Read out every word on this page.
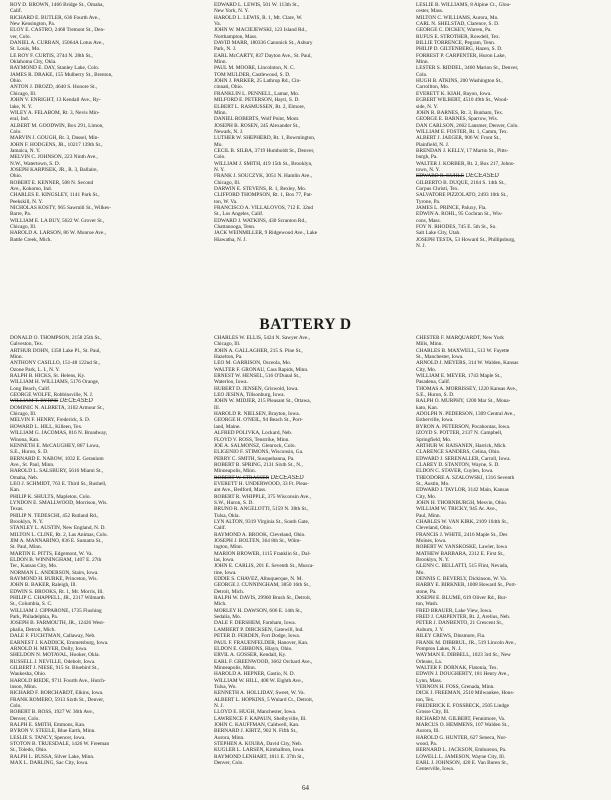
ROY D. BROWN, 1466 Bridge St., Omaha,
Calif.
RICHARD E. BUTLER, 636 Fourth Ave.,
New Kensington, Pa.
ELOY E. CASTRO, 2468 Tremont St., Den-
ver, Colo.
DANIEL A. CURRAN, 15064A Lotus Ave.,
St. Louis, Mo.
LE ROY F. CURTIS, 3744 N. 28th St.,
Oklahoma City, Okla.
RAYMOND E. DAY, Stanley Lake, Colo.
JAMES R. DRAKE, 155 Mulberry St., Brenton,
Ohio.
ANTON J. DROZD, 4640 S. Honore St.,
Chicago, Ill.
JOHN V. ENRIGHT, 13 Kendall Ave., Ry-
lake, N. Y.
WILEY A. FELABOM, Rt. 3, Nevis Min-
eral, Ind.
ALBERT M. GOODWIN, Box 291, Limon,
Colo.
MARVIN J. GOUGH, Rt. 3, Dassel, Min-
JOHN F. HODGENS, JR., 10217 139th St.,
Jamaica, N. Y.
MELVIN C. JOHNSON, 223 Ninth Ave.,
N.W., Watertown, S. D.
JOSEPH KARPISEK, JR., R. 3, Ballaire,
Ohio.
ROBERT E. KENNER, 508 N. Second
Ave., Kokomo, Ind.
CHARLES E. KINGSLEY, 1141 Park St.,
Peekskill, N. Y.
NICHOLAS KOSTY, 965 Sawmill St., Wilkes-
Barre, Pa.
WILLIAM E. LA BUY, 5622 W. Grover St.,
Chicago, Ill.
HAROLD A. LARSON, 86 W. Monroe Ave.,
Battle Creek, Mich.
EDWARD L. LEWIS, 501 W. 113th St.,
New York, N. Y.
HAROLD L. LEWIS, R. 1, Mt. Clare, W.
Va.
JOHN W. MACIEJEWSKI, 123 Island Rd.,
Northampton, Mass.
DAVID MARR, 180336 Canonick St., Asbury
Park, N. J.
EARL McCARTY, 837 Dayton Ave., St. Paul,
Minn.
PAUL M. MOORE, Lincolnton, N. C.
TOM MULDER, Castlewood, S. D.
JOHN J. PARKER, 25 Lathrop Rd., Cin-
cinnati, Ohio.
FRANKLIN L. PENNELL, Lamar, Mo.
MILFORD E. PETERSON, Hayti, S. D.
ELBERT L. RASMUSSEN, Rt. 2, Elmore,
Minn.
DANIEL ROBERTS, Wolf Point, Mont.
JOSEPH B. ROSEN, 245 Alexander St.,
Newark, N. J.
LUTHER W. SHEPHERD, Rt. 1, Bowmington,
Mo.
CECIL B. SILBA, 3719 Humboldt St., Denver,
Colo.
WILLIAM J. SMITH, 419 15th St., Brooklyn,
N. Y.
FRANK J. SOUCZYK, 3051 N. Hamlin Ave.,
Chicago, Ill.
DARWIN E. STEVENS, R. 1, Bexley, Mo.
CLIFFORD THOMPSON, Rt. 1, Box 77, Pat-
ton, W. Va.
FRANCISCO A. VILLALOVOS, 712 E. 32nd
St., Los Angeles, Calif.
EDWARD J. WATKINS, 430 Scranton Rd.,
Chattanooga, Tenn.
JACK WEINMILLER, 9 Ridgewood Ave., Lake
Hiawatha, N. J.
LESLIE B. WILLIAMS, 8 Alpine Ct., Glou-
cester, Mass.
MILTON C. WILLIAMS, Aurora, Mo.
CARL N. SHELSTAD, Clarence, S. D.
GEORGE C. DICKEY, Warren, Pa.
RUFUS E. STROTHER, Rowdell, Tex.
BILLIE TORRENCE, Pegram, Tenn.
PHILIP D. GILTENBERG, Hazen, S. D.
FORREST P. CARPENTER, Huron Lake,
Minn.
LESTER S. RIDDEL, 3460 Marion St., Denver,
Colo.
HUGH B. ATKINS, 200 Washington St.,
Carrollton, Mo.
EVERETT K. KIAH, Bayon, Iowa.
EGBERT WILBERT, 4510 49th St., Wood-
side, N. Y.
JOHN R. BARNES, Rt. 3, Bunham, Tex.
GEORGE E. BARNES, Sparrow, Wis.
DAN CARLSON, 2662 Lansmer, Denver, Colo.
WILLIAM E. FOSTER, Rt. 1, Camm, Tex.
ALBERT J. JAEGER, 906 W. Front St.,
Plainfield, N. J.
BRENDAN J. KELLY, 17 Martin St., Pitts-
burgh, Pa.
WALTER J. KORBER, Rt. 2, Box 217, Johns-
town, N. Y.
EDWARD R. KUHLE DECEASED
GILBERTO B. DUQUE, 2164 S. 14th St.,
Corpus Christi, Tex.
SALVATORE PIZZOLATO, 2493 10th St.,
Tyrone, Pa.
JAMES L. PRINCE, Paluxy, Fla.
EDWIN A. ROHL, 95 Cochran St., Wis-
cons, Mass.
FOY N. RHODES, 745 E. 5th St., So.
Salt Lake City, Utah.
JOSEPH TESTA, 53 Howard St., Phillipsburg,
N. J.
BATTERY D
DONALD O. THOMPSON, 2158 25th St.,
Galveston, Tex.
ARTHUR DOHN, 1358 Lake Pl., St. Paul,
Minn.
ANTHONY CASILLO, 151-48 122nd St.,
Ozone Park, L. I., N. Y.
RALPH B. HICKS, St. Helens, Ky.
WILLIAM H. WILLIAMS, 5176 Orange,
Long Beach, Calif.
GEORGE WOLFE, Robbinsville, N. J.
WILLIAM T. BYRNE DECEASED
DOMINIC N. ALBRETA, 3102 Armour St.,
Chicago, Ill.
MELVIN F. HENRY, Frederick, S. D.
HOWARD L. HILL, Killeen, Tex.
WILLIAM G. JACOMAS, 816 N. Broadway,
Winona, Kan.
KENNETH E. McCAUGHEY, 867 Lowa,
S.E., Huron, S. D.
BERNARD E. NABOW, 1032 E. Geranium
Ave., St. Paul, Minn.
HAROLD L. SALSBURY, 5616 Miami St.,
Omaha, Neb.
LEO J. SCHMIDT, 763 E. Third St., Rushell,
Kan.
PHILIP K. SHULTS, Mapleton, Colo.
LYNDON E. SMALLWOOD, Morrison, Wis.
Texas.
PHILIP N. TEDESCHI, 452 Rutland Rd.,
Brooklyn, N. Y.
STANLEY L. AUSTIN, New England, N. D.
MILTON L. CLINE, Rt. 2, Las Animas, Colo.
JIM A. MANNARINO, 836 E. Sumatra St.,
St. Paul, Minn.
MARTIN E. PITTS, Edgemont, W. Va.
ELDON B. WINNINGHAM, 1407 E. 27th
Ter., Kansas City, Mo.
NORMAN L. ANDERSON, Stairs, Iowa.
RAYMOND H. BURKE, Princeton, Wis.
JOHN B. BAKER, Raleigh, Ill.
EDWIN S. BROOKS, Rt. 1, Mt. Morris, Ill.
PHILIP C. CHAPPELL, JR., 2317 Wilmarth
St., Columbia, S. C.
WILLIAM J. CIPPARONE, 1735 Flushing
Park, Philadelphia, Pa.
JOSEPH B. FARMOUTH, JR., 12426 West-
phalia, Detroit, Mich.
DALE F. FUCHTMAN, Callaway, Neb.
EARNEST J. KADDICK, Emmetsburg, Iowa.
ARNOLD H. MEYER, Dolly, Iowa.
SHELDON N. MOTAVAL, Hooker, Okla.
RUSSELL J. NEVILLE, Odebolt, Iowa.
GILBERT J. NIESE, 915 St. Bluebird St.,
Waukesha, Ohio.
HAROLD RIEDE, 9711 Fourth Ave., Hutch-
inson, Minn.
RICHARD F. BORCHARDT, Elkins, Iowa.
FRANK ROMERO, 5913 Sixth St., Denver,
Colo.
ROBERT B. ROSS, 1927 W. 36th Ave.,
Denver, Colo.
RALPH E. SMITH, Emmons, Kan.
BYRON V. STEELE, Blue Earth, Minn.
LESLIE S. TANCY, Spencer, Iowa.
STOTON B. TRUESDALE, 1426 W. Freeman
St., Toledo, Ohio.
RALPH L. BUSSA, Silver Lake, Minn.
MAX L. DARLING, Sac City, Iowa.
CHARLES W. ELLIS, 5424 N. Sawyer Ave.,
Chicago, Ill.
JOHN A. GALLAGHER, 215 S. Pine St.,
Hazelton, Pa.
LEO M. GARRISON, Osceola, Mo.
WALTER F. GRONAU, Cass Rapids, Minn.
ERNEST W. HENSEL, 516 O'Dunal St.,
Waterloo, Iowa.
HUBERT D. JENSEN, Griswold, Iowa.
LEO JESINA, Tillsonburg, Iowa.
JOHN W. MIDJER, 215 Pleasant St., Ottawa,
Ill.
HAROLD R. NIELSEN, Brayton, Iowa.
GEORGE H. O'NEIL, 94 Beach St., Port-
land, Maine.
ALFRED POLIVKA, Lockard, Neb.
FLOYD V. ROSS, Tenstrike, Minn.
JOE A. SALMONSZ, Glenrock, Colo.
ELIGENIO F. STIMONS, Wisconsin, Ga.
PERRY C. SMITH, Susquehanna, Pa.
ROBERT B. SPRING, 2131 Sixth St., N.,
Minneapolis, Minn.
ROBERT W. STRASSER DECEASED
EVERETT H. UNDERWOOD, 33 Ft. Pleas-
ant Ave., Bedford, Mass.
ROBERT R. WHIPPLE, 375 Wisconsin Ave.,
S.W., Huron, S. D.
BRUNO R. ANGELOTTI, 5159 N. 38th St.,
Tulsa, Okla.
LYN ALTON, 9319 Virginia St., South Gate,
Calif.
RAYMOND A. BROOK, Cleveland, Ohio.
JOSEPH J. BOLTEN, 364 8th St., Wilm-
ington, Minn.
MARION BROWER, 1115 Franklin St., Dal-
las, Iowa.
JOHN E. CARLIS, 201 E. Seventh St., Musca-
tine, Iowa.
EDDIE S. CHAVEZ, Albuquerque, N. M.
GEORGE J. CUNNINGHAM, 3850 16th St.,
Detroit, Mich.
RALPH W. DAVIS, 29960 Brush St., Detroit,
Mich.
MORLEY H. DAWSON, 606 E. 14th St.,
Sedalia, Mo.
DALE F. DERSHEM, Farnham, Iowa.
LAMBERT P. DIRCKSEN, Gatewill, Ind.
PETER D. FERDEN, Fort Dodge, Iowa.
PAUL F. FRAUENFELDER, Hanover, Kan.
ELDON E. GIBBONS, Hlayn, Ohio.
ERVIL A. GOSSER, Kendall, Ky.
EARL F. GREENWOOD, 3662 Orchard Ave.,
Minneapolis, Minn.
HAROLD A. HEPNER, Gastio, N. D.
WILLIAM W. HILL, 408 W. Eighth Ave.,
Tulsa, Wo.
KENNETH A. HOLLIDAY, Sweet, W. Va.
ALBERT L. HOPKINS, 5 Wulard Ct., Detroit,
N. J.
LLOYD E. HUGH, Manchester, Iowa.
LAWRENCE F. KAPAUN, Shelbyville, Ill.
JOHN C. KAUFFMAN, Caldwell, Kan.
BERNARD J. KIRTZ, 902 N. Fifth St.,
Aurora, Minn.
STEPHEN A. KOUBA, David City, Neb.
KUGLER L. LARSEN, Kimballton, Iowa.
RAYMOND LENHART, 1811 E. 37th St.,
Denver, Colo.
CHESTER F. MARQUARDT, New York
Mills, Minn.
CHARLES B. MAXWELL, 513 W. Fayette
St., Manchester, Iowa.
ARNOLD J. MEYERS, 314 W. Walden, Kansas
City, Mo.
WILLIAM E. MEYER, 1743 Maple St.,
Pasadena, Calif.
THOMAS A. MORRISSEY, 1220 Kansas Ave.,
S.E., Huron, S. D.
RALPH O. MURPHY, 1200 Mar St., Mona-
kato, Kan.
ADOLPH N. PEDERSON, 1309 Central Ave.,
Estherville, Iowa.
BYRON A. PETERSON, Pocahontas, Iowa.
IZOYD S. POTTER, 2137 N. Campbell,
Springfield, Mo.
ARTHUR W. RAISANEN, Harrick, Mich.
CLARENCE SANDERS, Celina, Ohio.
EDWARD J. SERENALLER, Carroll, Iowa.
CLAREY D. STANTON, Wayne, S. D.
ELDON C. STAVER, Cuylen, Iowa.
THEODORE A. SZALOWSKI, 1316 Seventh
St., Austin, Mo.
EDWARD J. TAYLOR, 3142 Main, Kansas
City, Mo.
JOHN H. THORNBURGH, Mesvin, Ohio.
WILLIAM W. TRICKY, 945 Ar. Ave.,
Paul, Minn.
CHARLES W. VAN KIRK, 2109 104th St.,
Cleveland, Ohio.
FRANCIS J. WHITE, 2416 Maple St., Des
Moines, Iowa.
ROBERT W. YANSKOSKE, Lawler, Iowa
MATHEW BARBARA, 2312 E. First St.,
Brooklyn, N. Y.
GLENN C. BELLATTI, 515 Flint, Nevada,
Mo.
DENNIS C. BEVERLY, Dickinson, W. Va.
HARRY E. BIRKNER, 1008 Howard St., Port-
stone, Pa.
JOSEPH E. BLUME, 619 Oliver Rd., Bur-
ton, Wash.
FRED BRAUER, Lake View, Iowa.
FRED J. CARPENTER, Rt. 2, Arelius, Neb.
PETER J. DANBENTO, 21 Crescent St.,
Auburn, J. Y.
RILEY CREWS, Dinsmore, Fla.
FRANK M. DIBBRUL, JR., 519 Lincoln Ave.,
Pompton Lakes, N. J.
WAYMAN E. DIBBELL, 1023 3rd St., New
Orleans, La.
WALTER F. DORNAK, Flatonia, Tex.
EDWIN J. DOUGHERTY, 181 Henry Ave.,
Lynn, Mass.
VERNON H. FOSS, Grenada, Minn.
DICK J. FREEMAN, 2510 Milwaukee, Hous-
ton, Tex.
FREDERICK E. FOSSBECK, 2505 Lindge
Grosse City, Ill.
RICHARD M. GILBERT, Fennimore, Va.
MARCUS O. HEMMENS, 107 Walden St.,
Aurora, Ill.
HAROLD G. HUNTER, 627 Seneca, Nor-
wood, Pa.
BERNARD L. JACKSON, Embureon, Pa.
LOWELL L. JAMESON, Wayne City, Ill.
EARL J. JOHNSON, 420 E. Van Buren St.,
Centerville, Iowa.
64
